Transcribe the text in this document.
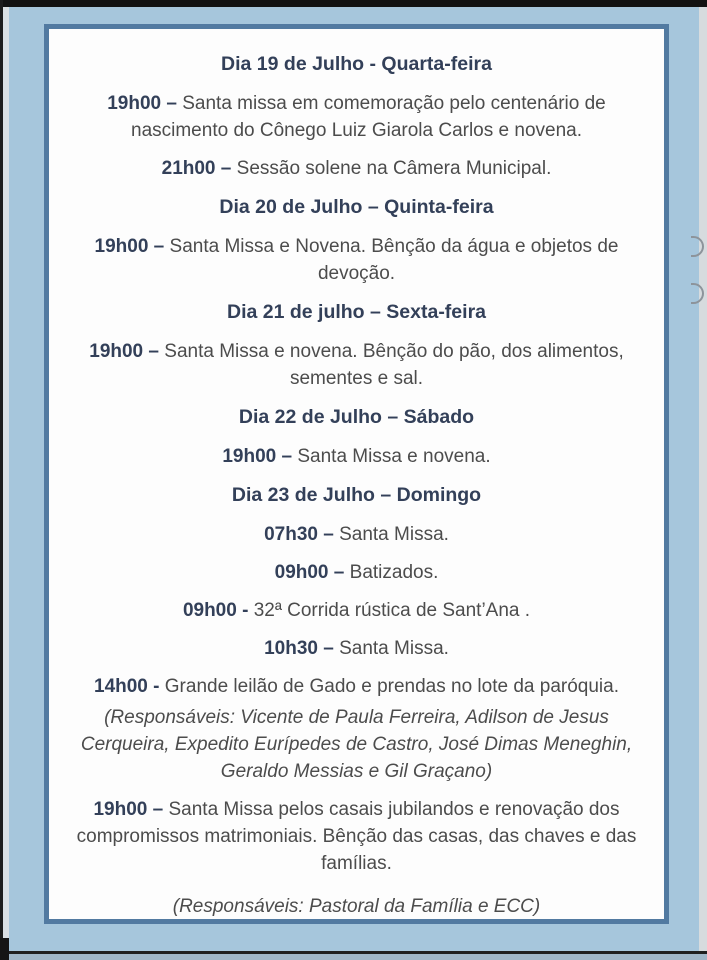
Dia 19 de Julho - Quarta-feira

19h00 – Santa missa em comemoração pelo centenário de nascimento do Cônego Luiz Giarola Carlos e novena.

21h00 – Sessão solene na Câmera Municipal.

Dia 20 de Julho – Quinta-feira

19h00 – Santa Missa e Novena. Bênção da água e objetos de devoção.

Dia 21 de julho – Sexta-feira

19h00 – Santa Missa e novena. Bênção do pão, dos alimentos, sementes e sal.

Dia 22 de Julho – Sábado

19h00 – Santa Missa e novena.

Dia 23 de Julho – Domingo

07h30 – Santa Missa.

09h00 – Batizados.

09h00 - 32ª Corrida rústica de Sant’Ana .

10h30 – Santa Missa.

14h00 - Grande leilão de Gado e prendas no lote da paróquia.

(Responsáveis: Vicente de Paula Ferreira, Adilson de Jesus Cerqueira, Expedito Eurípedes de Castro, José Dimas Meneghin, Geraldo Messias e Gil Graçano)

19h00 – Santa Missa pelos casais jubilandos e renovação dos compromissos matrimoniais. Bênção das casas, das chaves e das famílias.

(Responsáveis: Pastoral da Família e ECC)
